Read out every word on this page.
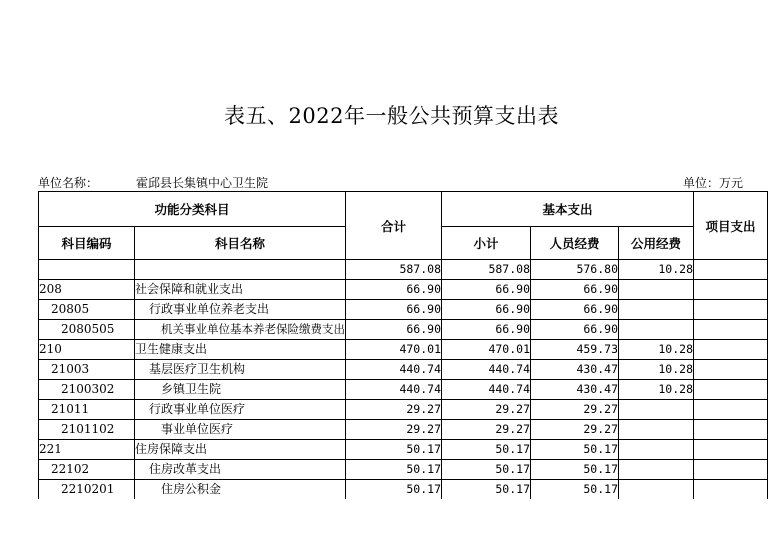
表五、2022年一般公共预算支出表
单位名称：	霍邱县长集镇中心卫生院	单位：万元
功能分类科目		合计	基本支出			项目支出
科目编码	科目名称		小计	人员经费	公用经费	
		587.08	587.08	576.80	10.28	
208	社会保障和就业支出	66.90	66.90	66.90		
20805	行政事业单位养老支出	66.90	66.90	66.90		
2080505	机关事业单位基本养老保险缴费支出	66.90	66.90	66.90		
210	卫生健康支出	470.01	470.01	459.73	10.28	
21003	基层医疗卫生机构	440.74	440.74	430.47	10.28	
2100302	乡镇卫生院	440.74	440.74	430.47	10.28	
21011	行政事业单位医疗	29.27	29.27	29.27		
2101102	事业单位医疗	29.27	29.27	29.27		
221	住房保障支出	50.17	50.17	50.17		
22102	住房改革支出	50.17	50.17	50.17		
2210201	住房公积金	50.17	50.17	50.17		
